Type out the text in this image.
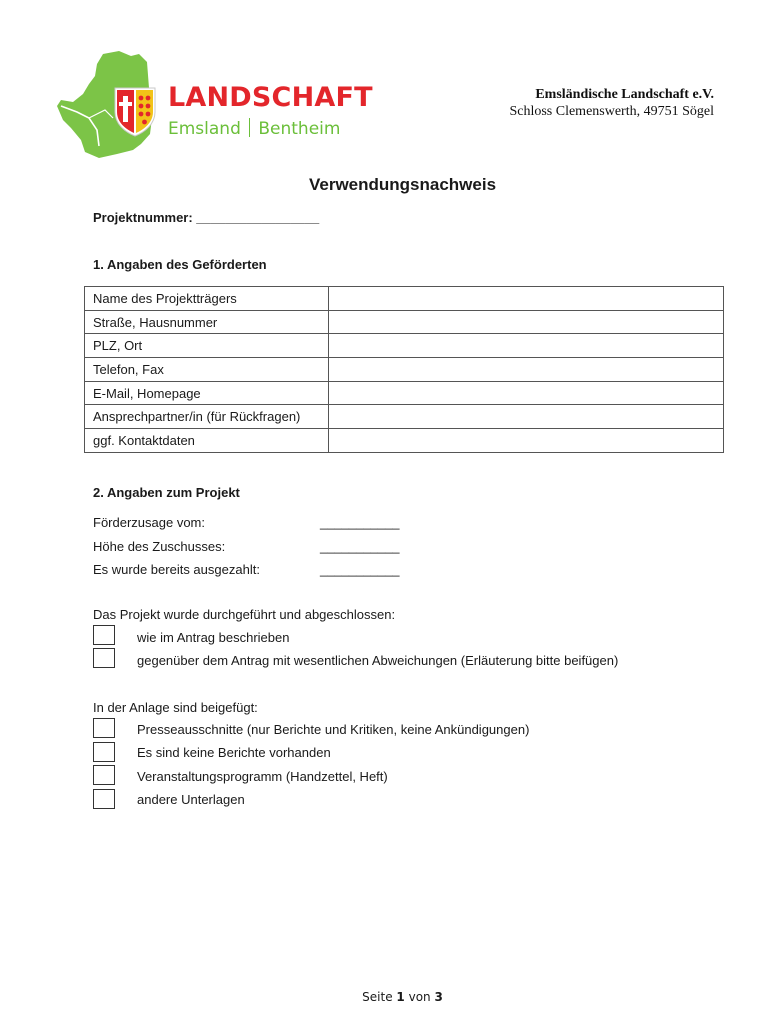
LANDSCHAFT
Emsland Bentheim
Emsländische Landschaft e.V.
Schloss Clemenswerth, 49751 Sögel
Verwendungsnachweis
Projektnummer: _________________
1. Angaben des Geförderten
Name des Projektträgers	
Straße, Hausnummer	
PLZ, Ort	
Telefon, Fax	
E-Mail, Homepage	
Ansprechpartner/in (für Rückfragen)	
ggf. Kontaktdaten	
2. Angaben zum Projekt
Förderzusage vom:	___________
Höhe des Zuschusses:	___________
Es wurde bereits ausgezahlt:	___________
Das Projekt wurde durchgeführt und abgeschlossen:
wie im Antrag beschrieben
gegenüber dem Antrag mit wesentlichen Abweichungen (Erläuterung bitte beifügen)
In der Anlage sind beigefügt:
Presseausschnitte (nur Berichte und Kritiken, keine Ankündigungen)
Es sind keine Berichte vorhanden
Veranstaltungsprogramm (Handzettel, Heft)
andere Unterlagen
Seite 1 von 3
